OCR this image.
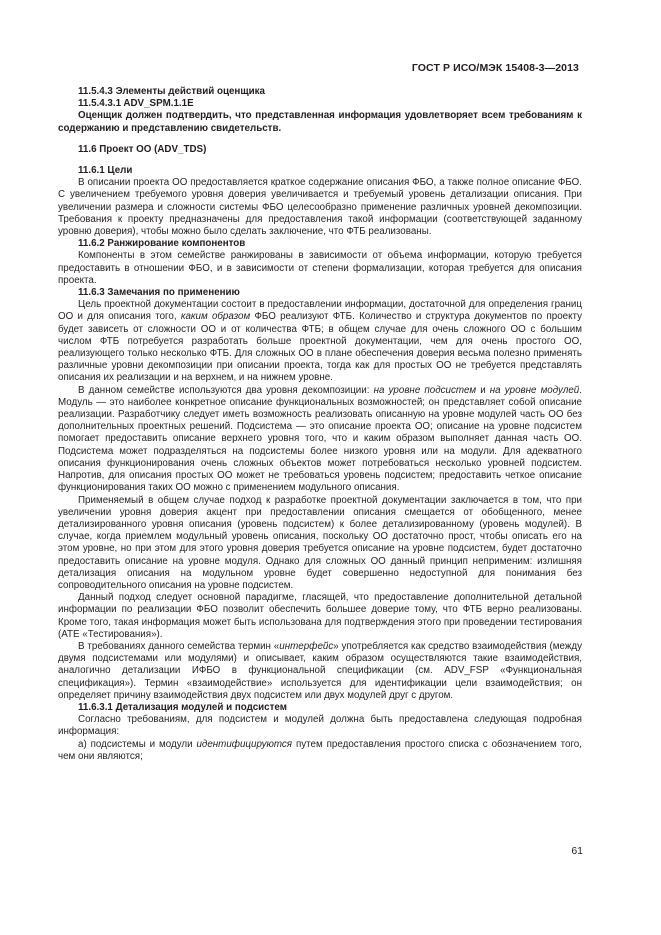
ГОСТ Р ИСО/МЭК 15408-3—2013

11.5.4.3 Элементы действий оценщика

11.5.4.3.1 ADV_SPM.1.1E

Оценщик должен подтвердить, что представленная информация удовлетворяет всем требованиям к содержанию и представлению свидетельств.

11.6 Проект ОО (ADV_TDS)

11.6.1 Цели

В описании проекта ОО предоставляется краткое содержание описания ФБО, а также полное описание ФБО. С увеличением требуемого уровня доверия увеличивается и требуемый уровень детализации описания. При увеличении размера и сложности системы ФБО целесообразно применение различных уровней декомпозиции. Требования к проекту предназначены для предоставления такой информации (соответствующей заданному уровню доверия), чтобы можно было сделать заключение, что ФТБ реализованы.

11.6.2 Ранжирование компонентов

Компоненты в этом семействе ранжированы в зависимости от объема информации, которую требуется предоставить в отношении ФБО, и в зависимости от степени формализации, которая требуется для описания проекта.

11.6.3 Замечания по применению

Цель проектной документации состоит в предоставлении информации, достаточной для определения границ ОО и для описания того, каким образом ФБО реализуют ФТБ. Количество и структура документов по проекту будет зависеть от сложности ОО и от количества ФТБ; в общем случае для очень сложного ОО с большим числом ФТБ потребуется разработать больше проектной документации, чем для очень простого ОО, реализующего только несколько ФТБ. Для сложных ОО в плане обеспечения доверия весьма полезно применять различные уровни декомпозиции при описании проекта, тогда как для простых ОО не требуется представлять описания их реализации и на верхнем, и на нижнем уровне.

В данном семействе используются два уровня декомпозиции: на уровне подсистем и на уровне модулей. Модуль — это наиболее конкретное описание функциональных возможностей; он представляет собой описание реализации. Разработчику следует иметь возможность реализовать описанную на уровне модулей часть ОО без дополнительных проектных решений. Подсистема — это описание проекта ОО; описание на уровне подсистем помогает предоставить описание верхнего уровня того, что и каким образом выполняет данная часть ОО. Подсистема может подразделяться на подсистемы более низкого уровня или на модули. Для адекватного описания функционирования очень сложных объектов может потребоваться несколько уровней подсистем. Напротив, для описания простых ОО может не требоваться уровень подсистем; предоставить четкое описание функционирования таких ОО можно с применением модульного описания.

Применяемый в общем случае подход к разработке проектной документации заключается в том, что при увеличении уровня доверия акцент при предоставлении описания смещается от обобщенного, менее детализированного уровня описания (уровень подсистем) к более детализированному (уровень модулей). В случае, когда приемлем модульный уровень описания, поскольку ОО достаточно прост, чтобы описать его на этом уровне, но при этом для этого уровня доверия требуется описание на уровне подсистем, будет достаточно предоставить описание на уровне модуля. Однако для сложных ОО данный принцип неприменим: излишняя детализация описания на модульном уровне будет совершенно недоступной для понимания без сопроводительного описания на уровне подсистем.

Данный подход следует основной парадигме, гласящей, что предоставление дополнительной детальной информации по реализации ФБО позволит обеспечить большее доверие тому, что ФТБ верно реализованы. Кроме того, такая информация может быть использована для подтверждения этого при проведении тестирования (АТЕ «Тестирования»).

В требованиях данного семейства термин «интерфейс» употребляется как средство взаимодействия (между двумя подсистемами или модулями) и описывает, каким образом осуществляются такие взаимодействия, аналогично детализации ИФБО в функциональной спецификации (см. ADV_FSP «Функциональная спецификация»). Термин «взаимодействие» используется для идентификации цели взаимодействия; он определяет причину взаимодействия двух подсистем или двух модулей друг с другом.

11.6.3.1 Детализация модулей и подсистем

Согласно требованиям, для подсистем и модулей должна быть предоставлена следующая подробная информация:

а) подсистемы и модули идентифицируются путем предоставления простого списка с обозначением того, чем они являются;

61
